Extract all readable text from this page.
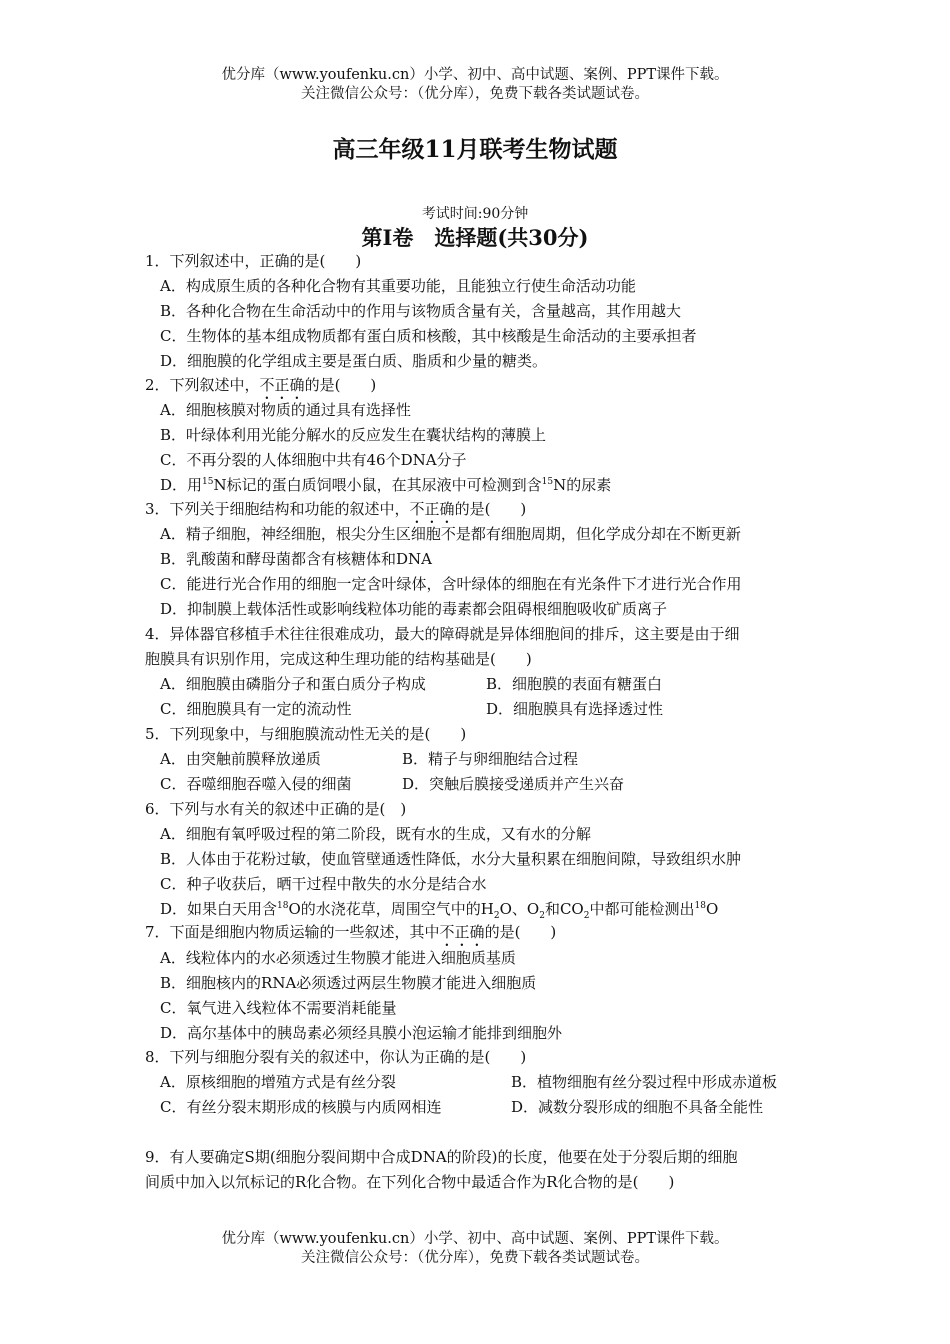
优分库（www.youfenku.cn）小学、初中、高中试题、案例、PPT课件下载。
关注微信公众号：（优分库），免费下载各类试题试卷。
高三年级11月联考生物试题
考试时间:90分钟
第Ⅰ卷　选择题(共30分)
1．下列叙述中，正确的是(　　)
A．构成原生质的各种化合物有其重要功能，且能独立行使生命活动功能
B．各种化合物在生命活动中的作用与该物质含量有关，含量越高，其作用越大
C．生物体的基本组成物质都有蛋白质和核酸，其中核酸是生命活动的主要承担者
D．细胞膜的化学组成主要是蛋白质、脂质和少量的糖类。
2．下列叙述中，不正确的是(　　)
A．细胞核膜对物质的通过具有选择性
B．叶绿体利用光能分解水的反应发生在囊状结构的薄膜上
C．不再分裂的人体细胞中共有46个DNA分子
D．用$^{15}$N标记的蛋白质饲喂小鼠，在其尿液中可检测到含$^{15}$N的尿素
3．下列关于细胞结构和功能的叙述中，不正确的是(　　)
A．精子细胞，神经细胞，根尖分生区细胞不是都有细胞周期，但化学成分却在不断更新
B．乳酸菌和酵母菌都含有核糖体和DNA
C．能进行光合作用的细胞一定含叶绿体，含叶绿体的细胞在有光条件下才进行光合作用
D．抑制膜上载体活性或影响线粒体功能的毒素都会阻碍根细胞吸收矿质离子
4．异体器官移植手术往往很难成功，最大的障碍就是异体细胞间的排斥，这主要是由于细
胞膜具有识别作用，完成这种生理功能的结构基础是(　　)
A．细胞膜由磷脂分子和蛋白质分子构成	B．细胞膜的表面有糖蛋白
C．细胞膜具有一定的流动性	D．细胞膜具有选择透过性
5．下列现象中，与细胞膜流动性无关的是(　　)
A．由突触前膜释放递质	B．精子与卵细胞结合过程
C．吞噬细胞吞噬入侵的细菌	D．突触后膜接受递质并产生兴奋
6．下列与水有关的叙述中正确的是(　)
A．细胞有氧呼吸过程的第二阶段，既有水的生成，又有水的分解
B．人体由于花粉过敏，使血管壁通透性降低，水分大量积累在细胞间隙，导致组织水肿
C．种子收获后，晒干过程中散失的水分是结合水
D．如果白天用含$^{18}$O的水浇花草，周围空气中的$H_2O$、$O_2$和$CO_2$中都可能检测出$^{18}$O
7．下面是细胞内物质运输的一些叙述，其中不正确的是(　　)
A．线粒体内的水必须透过生物膜才能进入细胞质基质
B．细胞核内的RNA必须透过两层生物膜才能进入细胞质
C．氧气进入线粒体不需要消耗能量
D．高尔基体中的胰岛素必须经具膜小泡运输才能排到细胞外
8．下列与细胞分裂有关的叙述中，你认为正确的是(　　)
A．原核细胞的增殖方式是有丝分裂	B．植物细胞有丝分裂过程中形成赤道板
C．有丝分裂末期形成的核膜与内质网相连	D．减数分裂形成的细胞不具备全能性
9．有人要确定S期(细胞分裂间期中合成DNA的阶段)的长度，他要在处于分裂后期的细胞
间质中加入以氘标记的R化合物。在下列化合物中最适合作为R化合物的是(　　)
优分库（www.youfenku.cn）小学、初中、高中试题、案例、PPT课件下载。
关注微信公众号：（优分库），免费下载各类试题试卷。
